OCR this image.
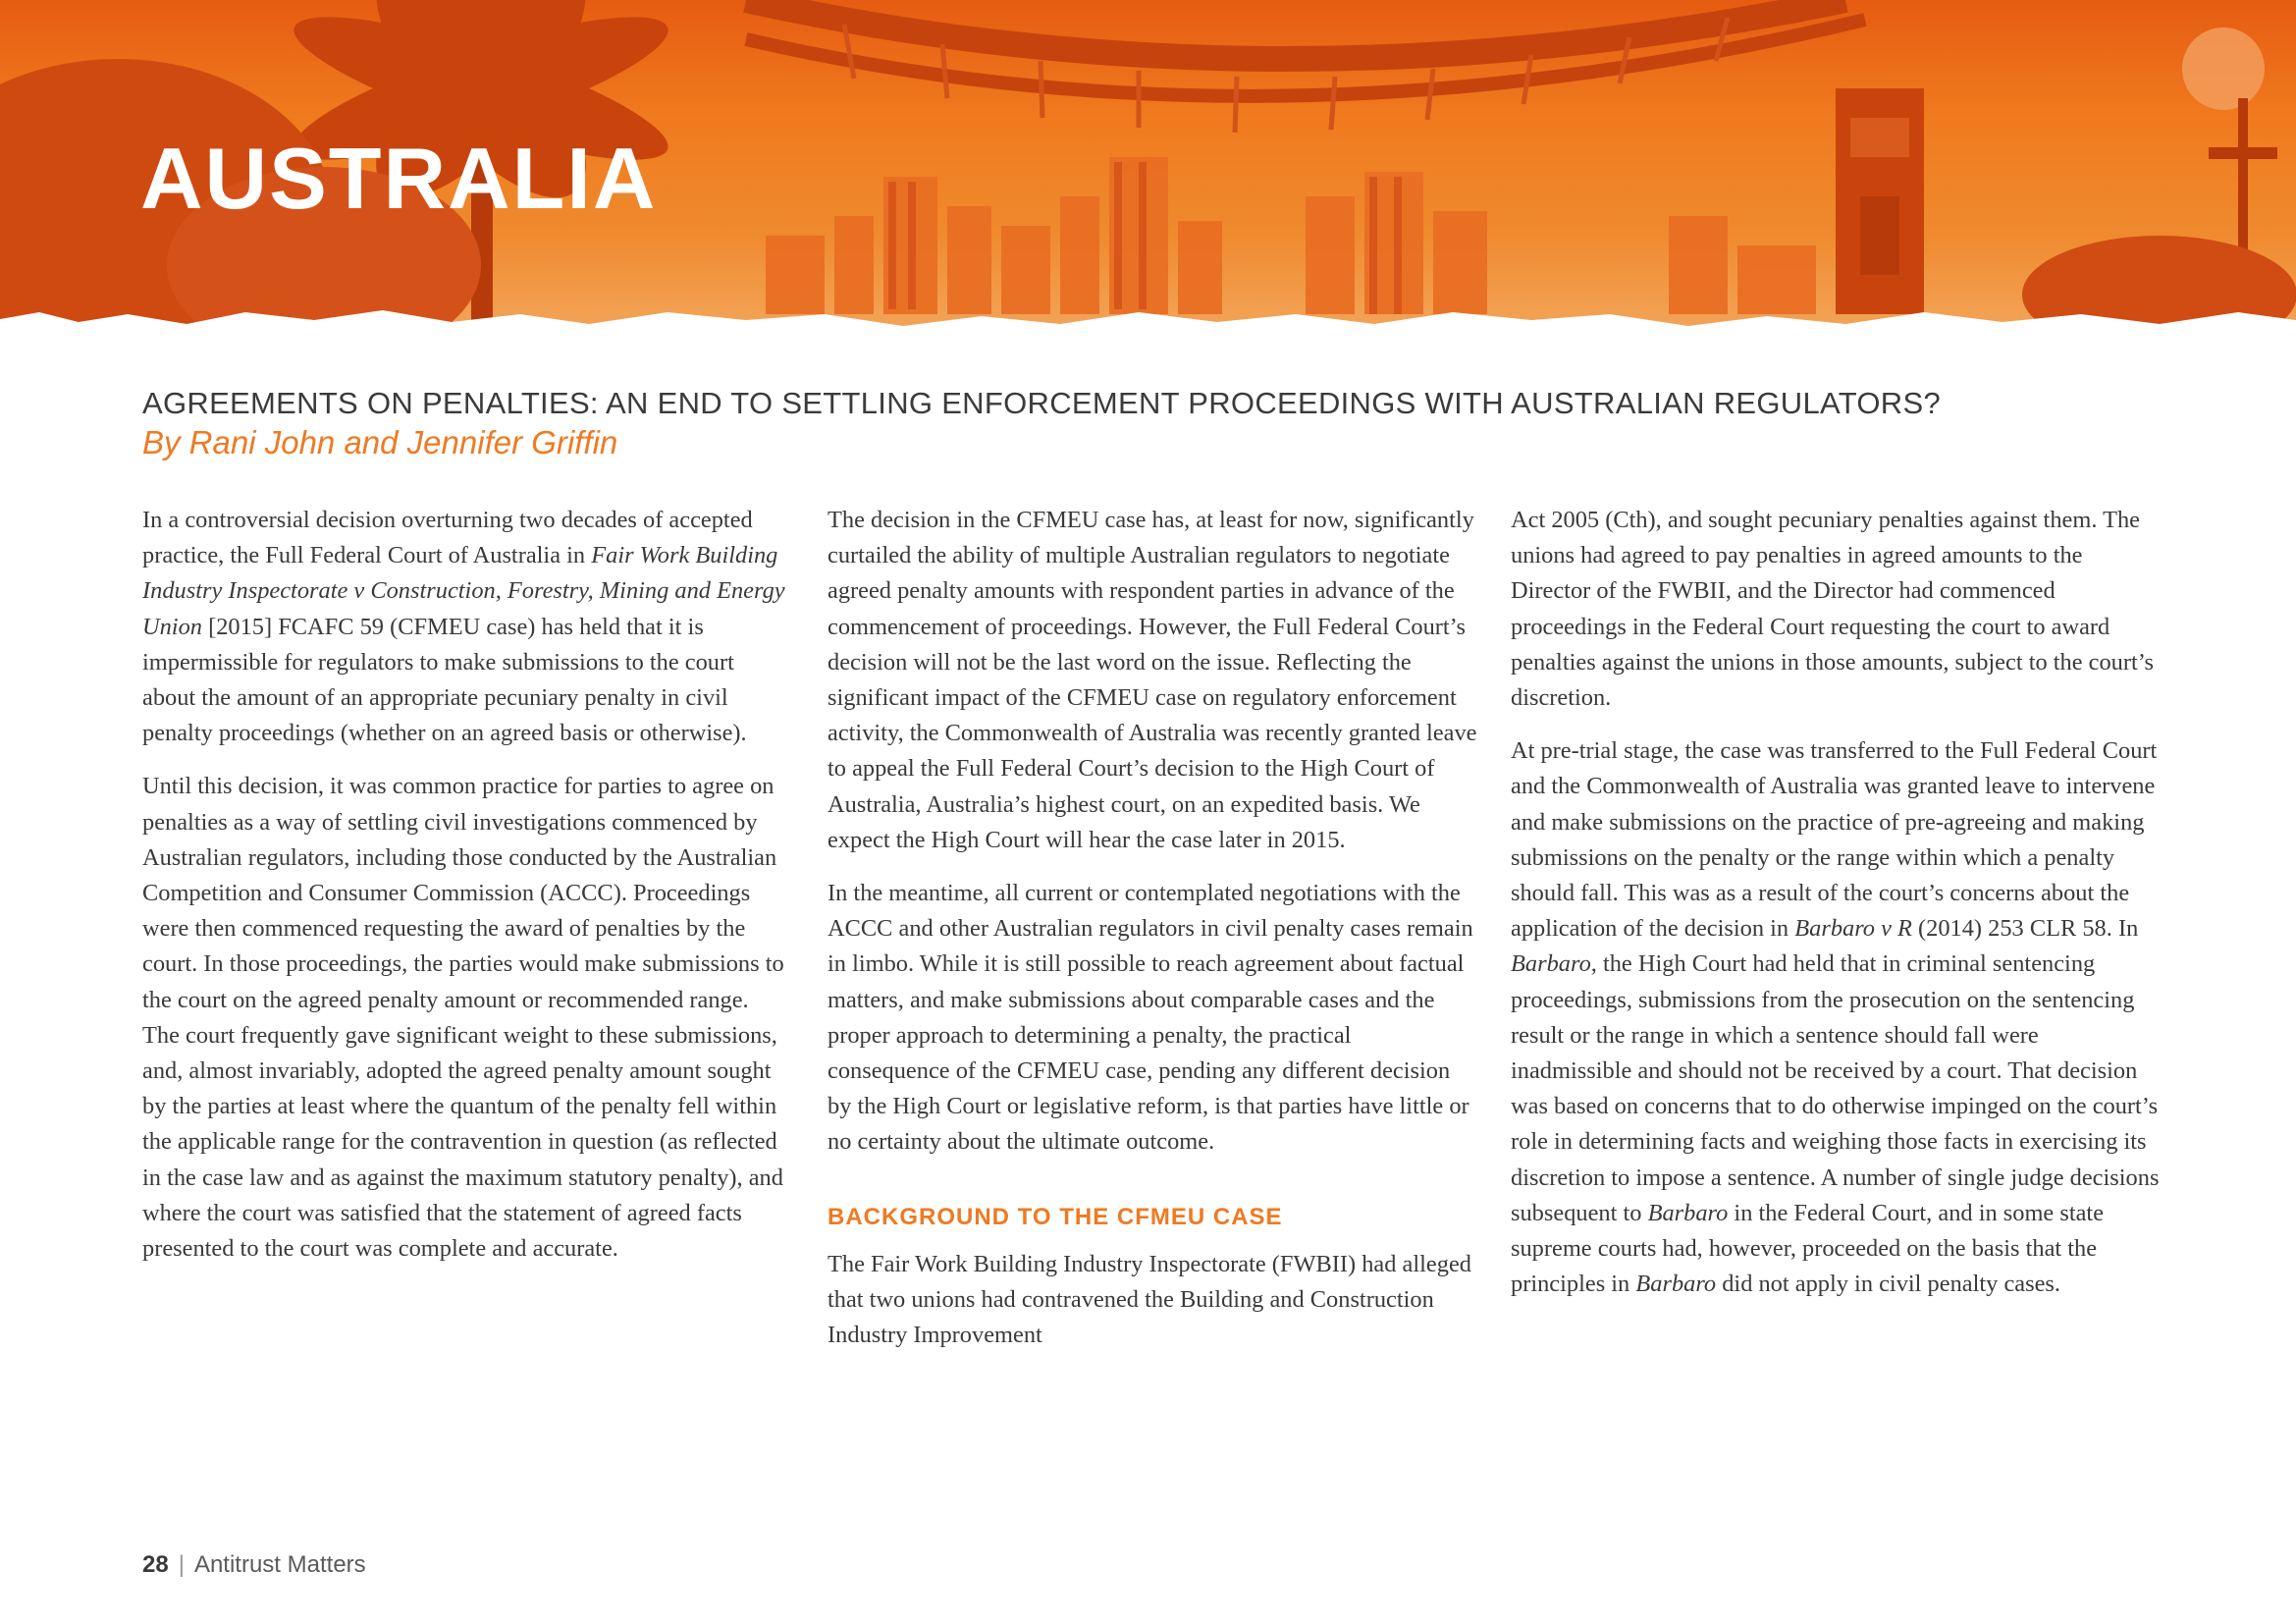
AUSTRALIA
AGREEMENTS ON PENALTIES: AN END TO SETTLING ENFORCEMENT PROCEEDINGS WITH AUSTRALIAN REGULATORS?

By Rani John and Jennifer Griffin

In a controversial decision overturning two decades of accepted practice, the Full Federal Court of Australia in Fair Work Building Industry Inspectorate v Construction, Forestry, Mining and Energy Union [2015] FCAFC 59 (CFMEU case) has held that it is impermissible for regulators to make submissions to the court about the amount of an appropriate pecuniary penalty in civil penalty proceedings (whether on an agreed basis or otherwise).

Until this decision, it was common practice for parties to agree on penalties as a way of settling civil investigations commenced by Australian regulators, including those conducted by the Australian Competition and Consumer Commission (ACCC). Proceedings were then commenced requesting the award of penalties by the court. In those proceedings, the parties would make submissions to the court on the agreed penalty amount or recommended range. The court frequently gave significant weight to these submissions, and, almost invariably, adopted the agreed penalty amount sought by the parties at least where the quantum of the penalty fell within the applicable range for the contravention in question (as reflected in the case law and as against the maximum statutory penalty), and where the court was satisfied that the statement of agreed facts presented to the court was complete and accurate.

The decision in the CFMEU case has, at least for now, significantly curtailed the ability of multiple Australian regulators to negotiate agreed penalty amounts with respondent parties in advance of the commencement of proceedings. However, the Full Federal Court’s decision will not be the last word on the issue. Reflecting the significant impact of the CFMEU case on regulatory enforcement activity, the Commonwealth of Australia was recently granted leave to appeal the Full Federal Court’s decision to the High Court of Australia, Australia’s highest court, on an expedited basis. We expect the High Court will hear the case later in 2015.

In the meantime, all current or contemplated negotiations with the ACCC and other Australian regulators in civil penalty cases remain in limbo. While it is still possible to reach agreement about factual matters, and make submissions about comparable cases and the proper approach to determining a penalty, the practical consequence of the CFMEU case, pending any different decision by the High Court or legislative reform, is that parties have little or no certainty about the ultimate outcome.

BACKGROUND TO THE CFMEU CASE

The Fair Work Building Industry Inspectorate (FWBII) had alleged that two unions had contravened the Building and Construction Industry Improvement

Act 2005 (Cth), and sought pecuniary penalties against them. The unions had agreed to pay penalties in agreed amounts to the Director of the FWBII, and the Director had commenced proceedings in the Federal Court requesting the court to award penalties against the unions in those amounts, subject to the court’s discretion.

At pre-trial stage, the case was transferred to the Full Federal Court and the Commonwealth of Australia was granted leave to intervene and make submissions on the practice of pre-agreeing and making submissions on the penalty or the range within which a penalty should fall. This was as a result of the court’s concerns about the application of the decision in Barbaro v R (2014) 253 CLR 58. In Barbaro, the High Court had held that in criminal sentencing proceedings, submissions from the prosecution on the sentencing result or the range in which a sentence should fall were inadmissible and should not be received by a court. That decision was based on concerns that to do otherwise impinged on the court’s role in determining facts and weighing those facts in exercising its discretion to impose a sentence. A number of single judge decisions subsequent to Barbaro in the Federal Court, and in some state supreme courts had, however, proceeded on the basis that the principles in Barbaro did not apply in civil penalty cases.

28 | Antitrust Matters
